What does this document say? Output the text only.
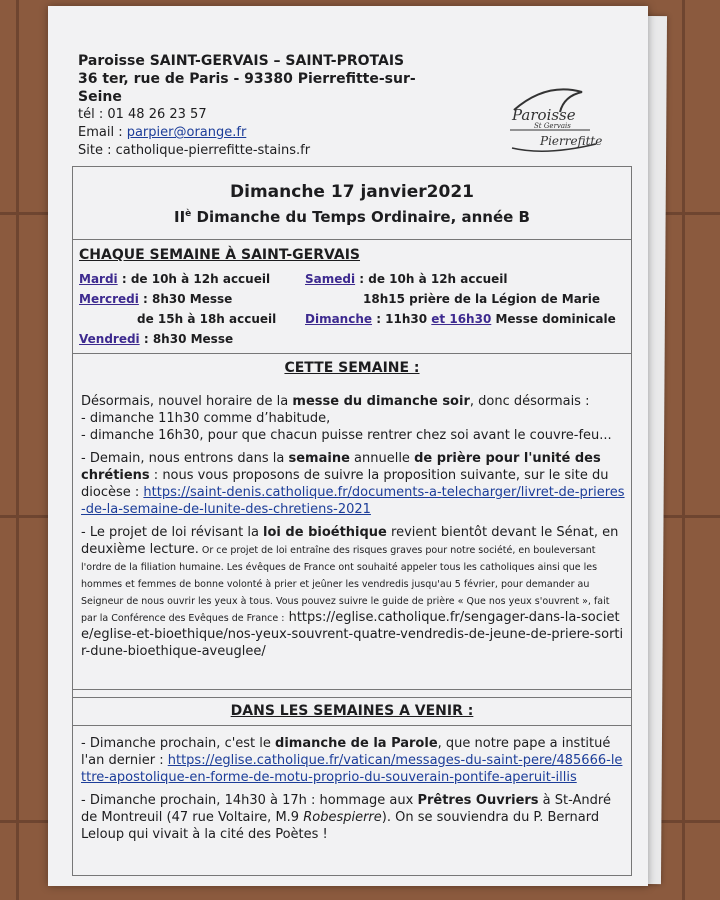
Paroisse SAINT-GERVAIS – SAINT-PROTAIS
36 ter, rue de Paris - 93380 Pierrefitte-sur-Seine
tél : 01 48 26 23 57
Email : parpier@orange.fr
Site : catholique-pierrefitte-stains.fr
Paroisse
St Gervais
Pierrefitte
Dimanche 17 janvier2021
$II^è$ Dimanche du Temps Ordinaire, année B
CHAQUE SEMAINE À SAINT-GERVAIS
Mardi : de 10h à 12h accueil
Mercredi : 8h30 Messe
de 15h à 18h accueil
Vendredi : 8h30 Messe
Samedi : de 10h à 12h accueil
18h15 prière de la Légion de Marie
Dimanche : 11h30 et 16h30 Messe dominicale
CETTE SEMAINE :
Désormais, nouvel horaire de la messe du dimanche soir, donc désormais :
- dimanche 11h30 comme d’habitude,
- dimanche 16h30, pour que chacun puisse rentrer chez soi avant le couvre-feu...
- Demain, nous entrons dans la semaine annuelle de prière pour l'unité des chrétiens : nous vous proposons de suivre la proposition suivante, sur le site du diocèse : https://saint-denis.catholique.fr/documents-a-telecharger/livret-de-prieres-de-la-semaine-de-lunite-des-chretiens-2021
- Le projet de loi révisant la loi de bioéthique revient bientôt devant le Sénat, en deuxième lecture. Or ce projet de loi entraîne des risques graves pour notre société, en bouleversant l'ordre de la filiation humaine. Les évêques de France ont souhaité appeler tous les catholiques ainsi que les hommes et femmes de bonne volonté à prier et jeûner les vendredis jusqu'au 5 février, pour demander au Seigneur de nous ouvrir les yeux à tous. Vous pouvez suivre le guide de prière « Que nos yeux s'ouvrent », fait par la Conférence des Evêques de France : https://eglise.catholique.fr/sengager-dans-la-societe/eglise-et-bioethique/nos-yeux-souvrent-quatre-vendredis-de-jeune-de-priere-sortir-dune-bioethique-aveuglee/
DANS LES SEMAINES A VENIR :
- Dimanche prochain, c'est le dimanche de la Parole, que notre pape a institué l'an dernier : https://eglise.catholique.fr/vatican/messages-du-saint-pere/485666-lettre-apostolique-en-forme-de-motu-proprio-du-souverain-pontife-aperuit-illis
- Dimanche prochain, 14h30 à 17h : hommage aux Prêtres Ouvriers à St-André de Montreuil (47 rue Voltaire, M.9 Robespierre). On se souviendra du P. Bernard Leloup qui vivait à la cité des Poètes !
